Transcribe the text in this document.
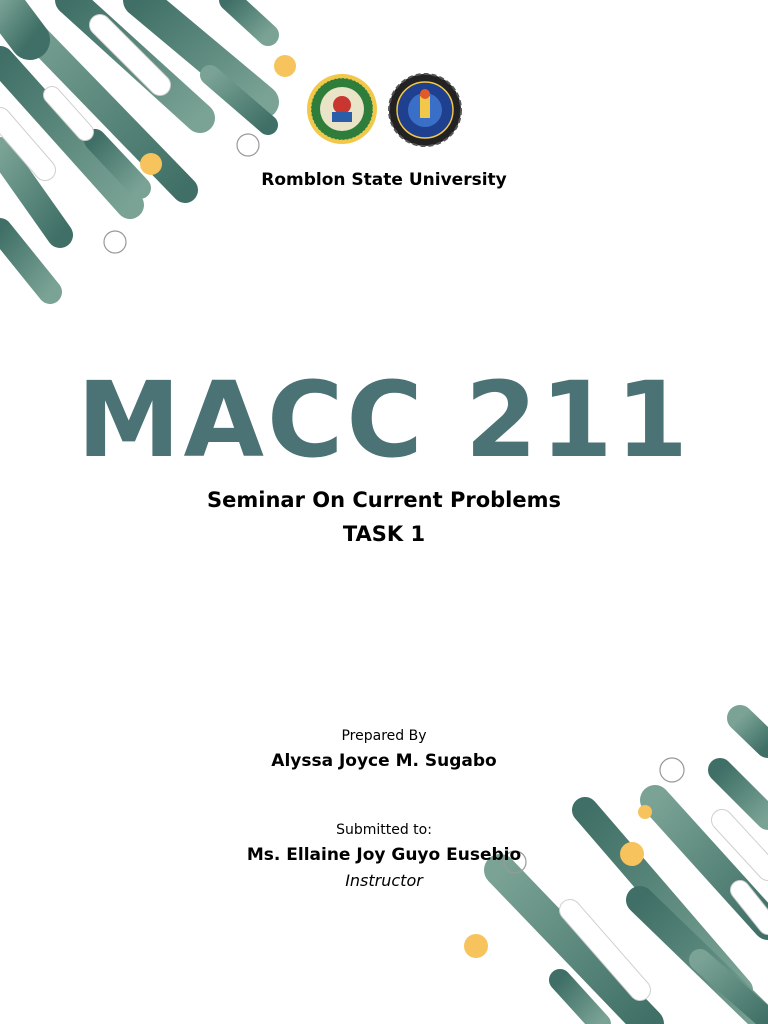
Romblon State University
MACC 211
Seminar On Current Problems
TASK 1
Prepared By
Alyssa Joyce M. Sugabo
Submitted to:
Ms. Ellaine Joy Guyo Eusebio
Instructor
